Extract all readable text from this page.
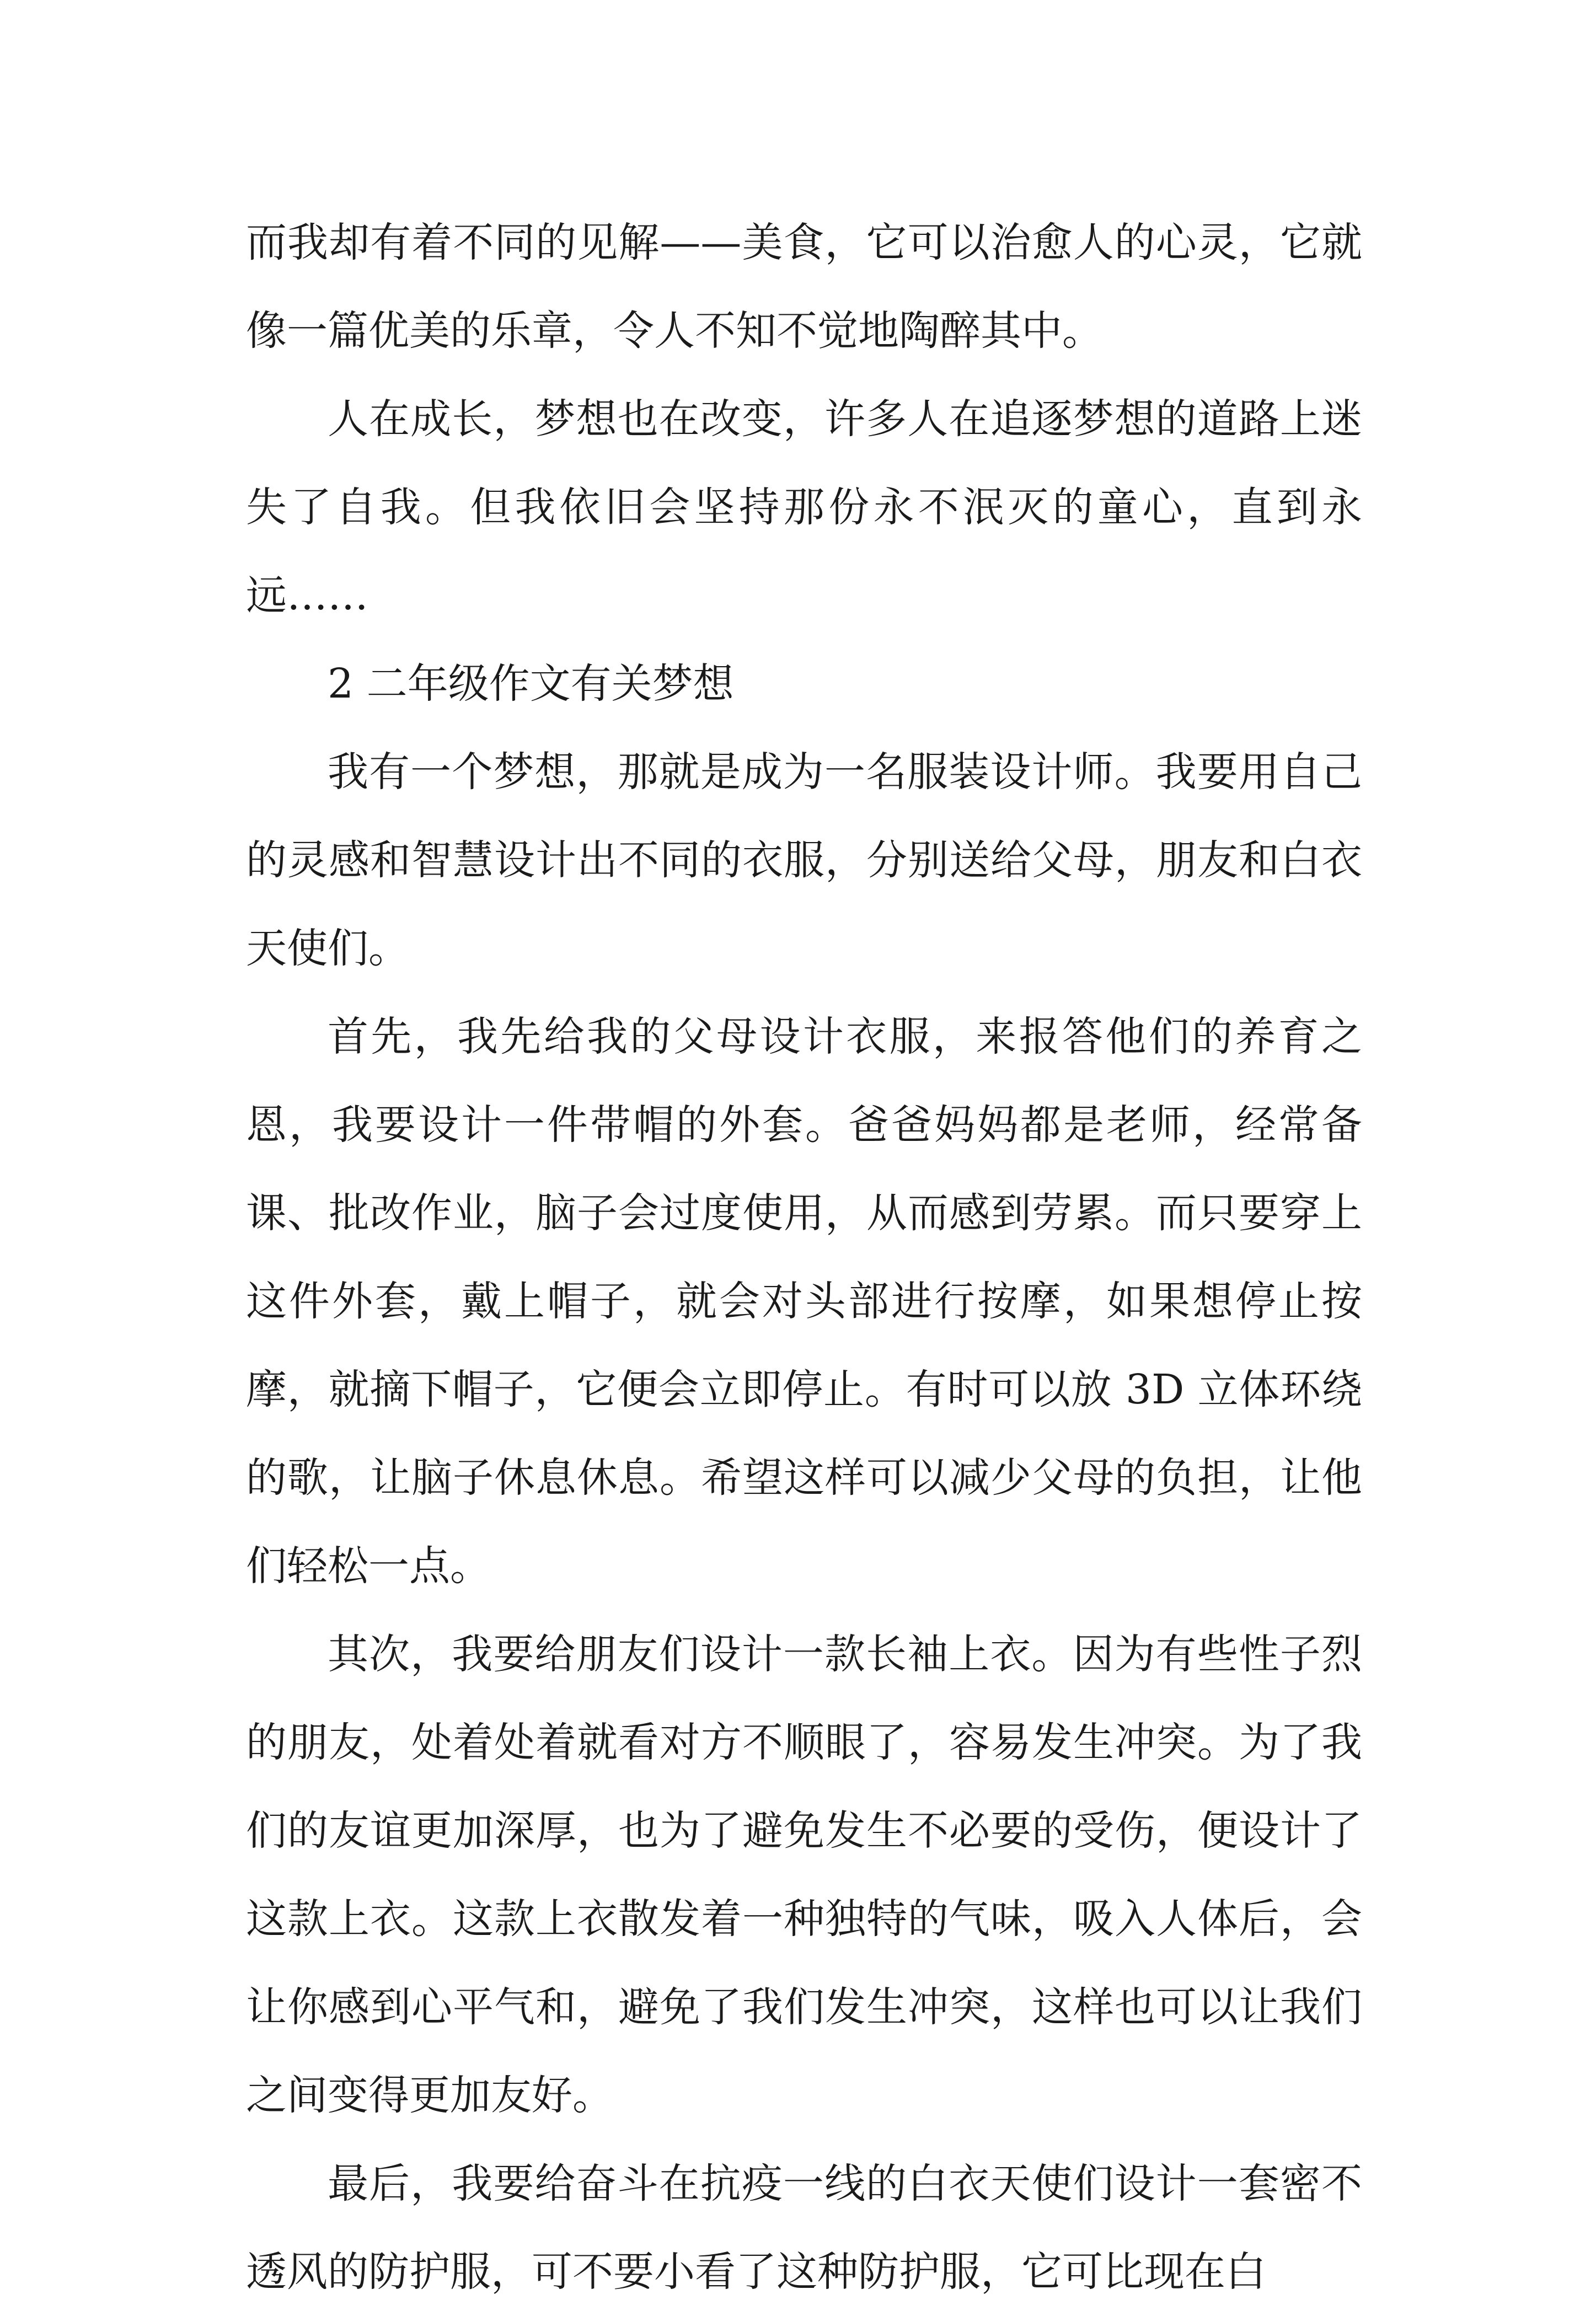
而我却有着不同的见解——美食，它可以治愈人的心灵，它就像一篇优美的乐章，令人不知不觉地陶醉其中。

人在成长，梦想也在改变，许多人在追逐梦想的道路上迷失了自我。但我依旧会坚持那份永不泯灭的童心，直到永远……

2 二年级作文有关梦想

我有一个梦想，那就是成为一名服装设计师。我要用自己的灵感和智慧设计出不同的衣服，分别送给父母，朋友和白衣天使们。

首先，我先给我的父母设计衣服，来报答他们的养育之恩，我要设计一件带帽的外套。爸爸妈妈都是老师，经常备课、批改作业，脑子会过度使用，从而感到劳累。而只要穿上这件外套，戴上帽子，就会对头部进行按摩，如果想停止按摩，就摘下帽子，它便会立即停止。有时可以放 3D 立体环绕的歌，让脑子休息休息。希望这样可以减少父母的负担，让他们轻松一点。

其次，我要给朋友们设计一款长袖上衣。因为有些性子烈的朋友，处着处着就看对方不顺眼了，容易发生冲突。为了我们的友谊更加深厚，也为了避免发生不必要的受伤，便设计了这款上衣。这款上衣散发着一种独特的气味，吸入人体后，会让你感到心平气和，避免了我们发生冲突，这样也可以让我们之间变得更加友好。

最后，我要给奋斗在抗疫一线的白衣天使们设计一套密不透风的防护服，可不要小看了这种防护服，它可比现在白
